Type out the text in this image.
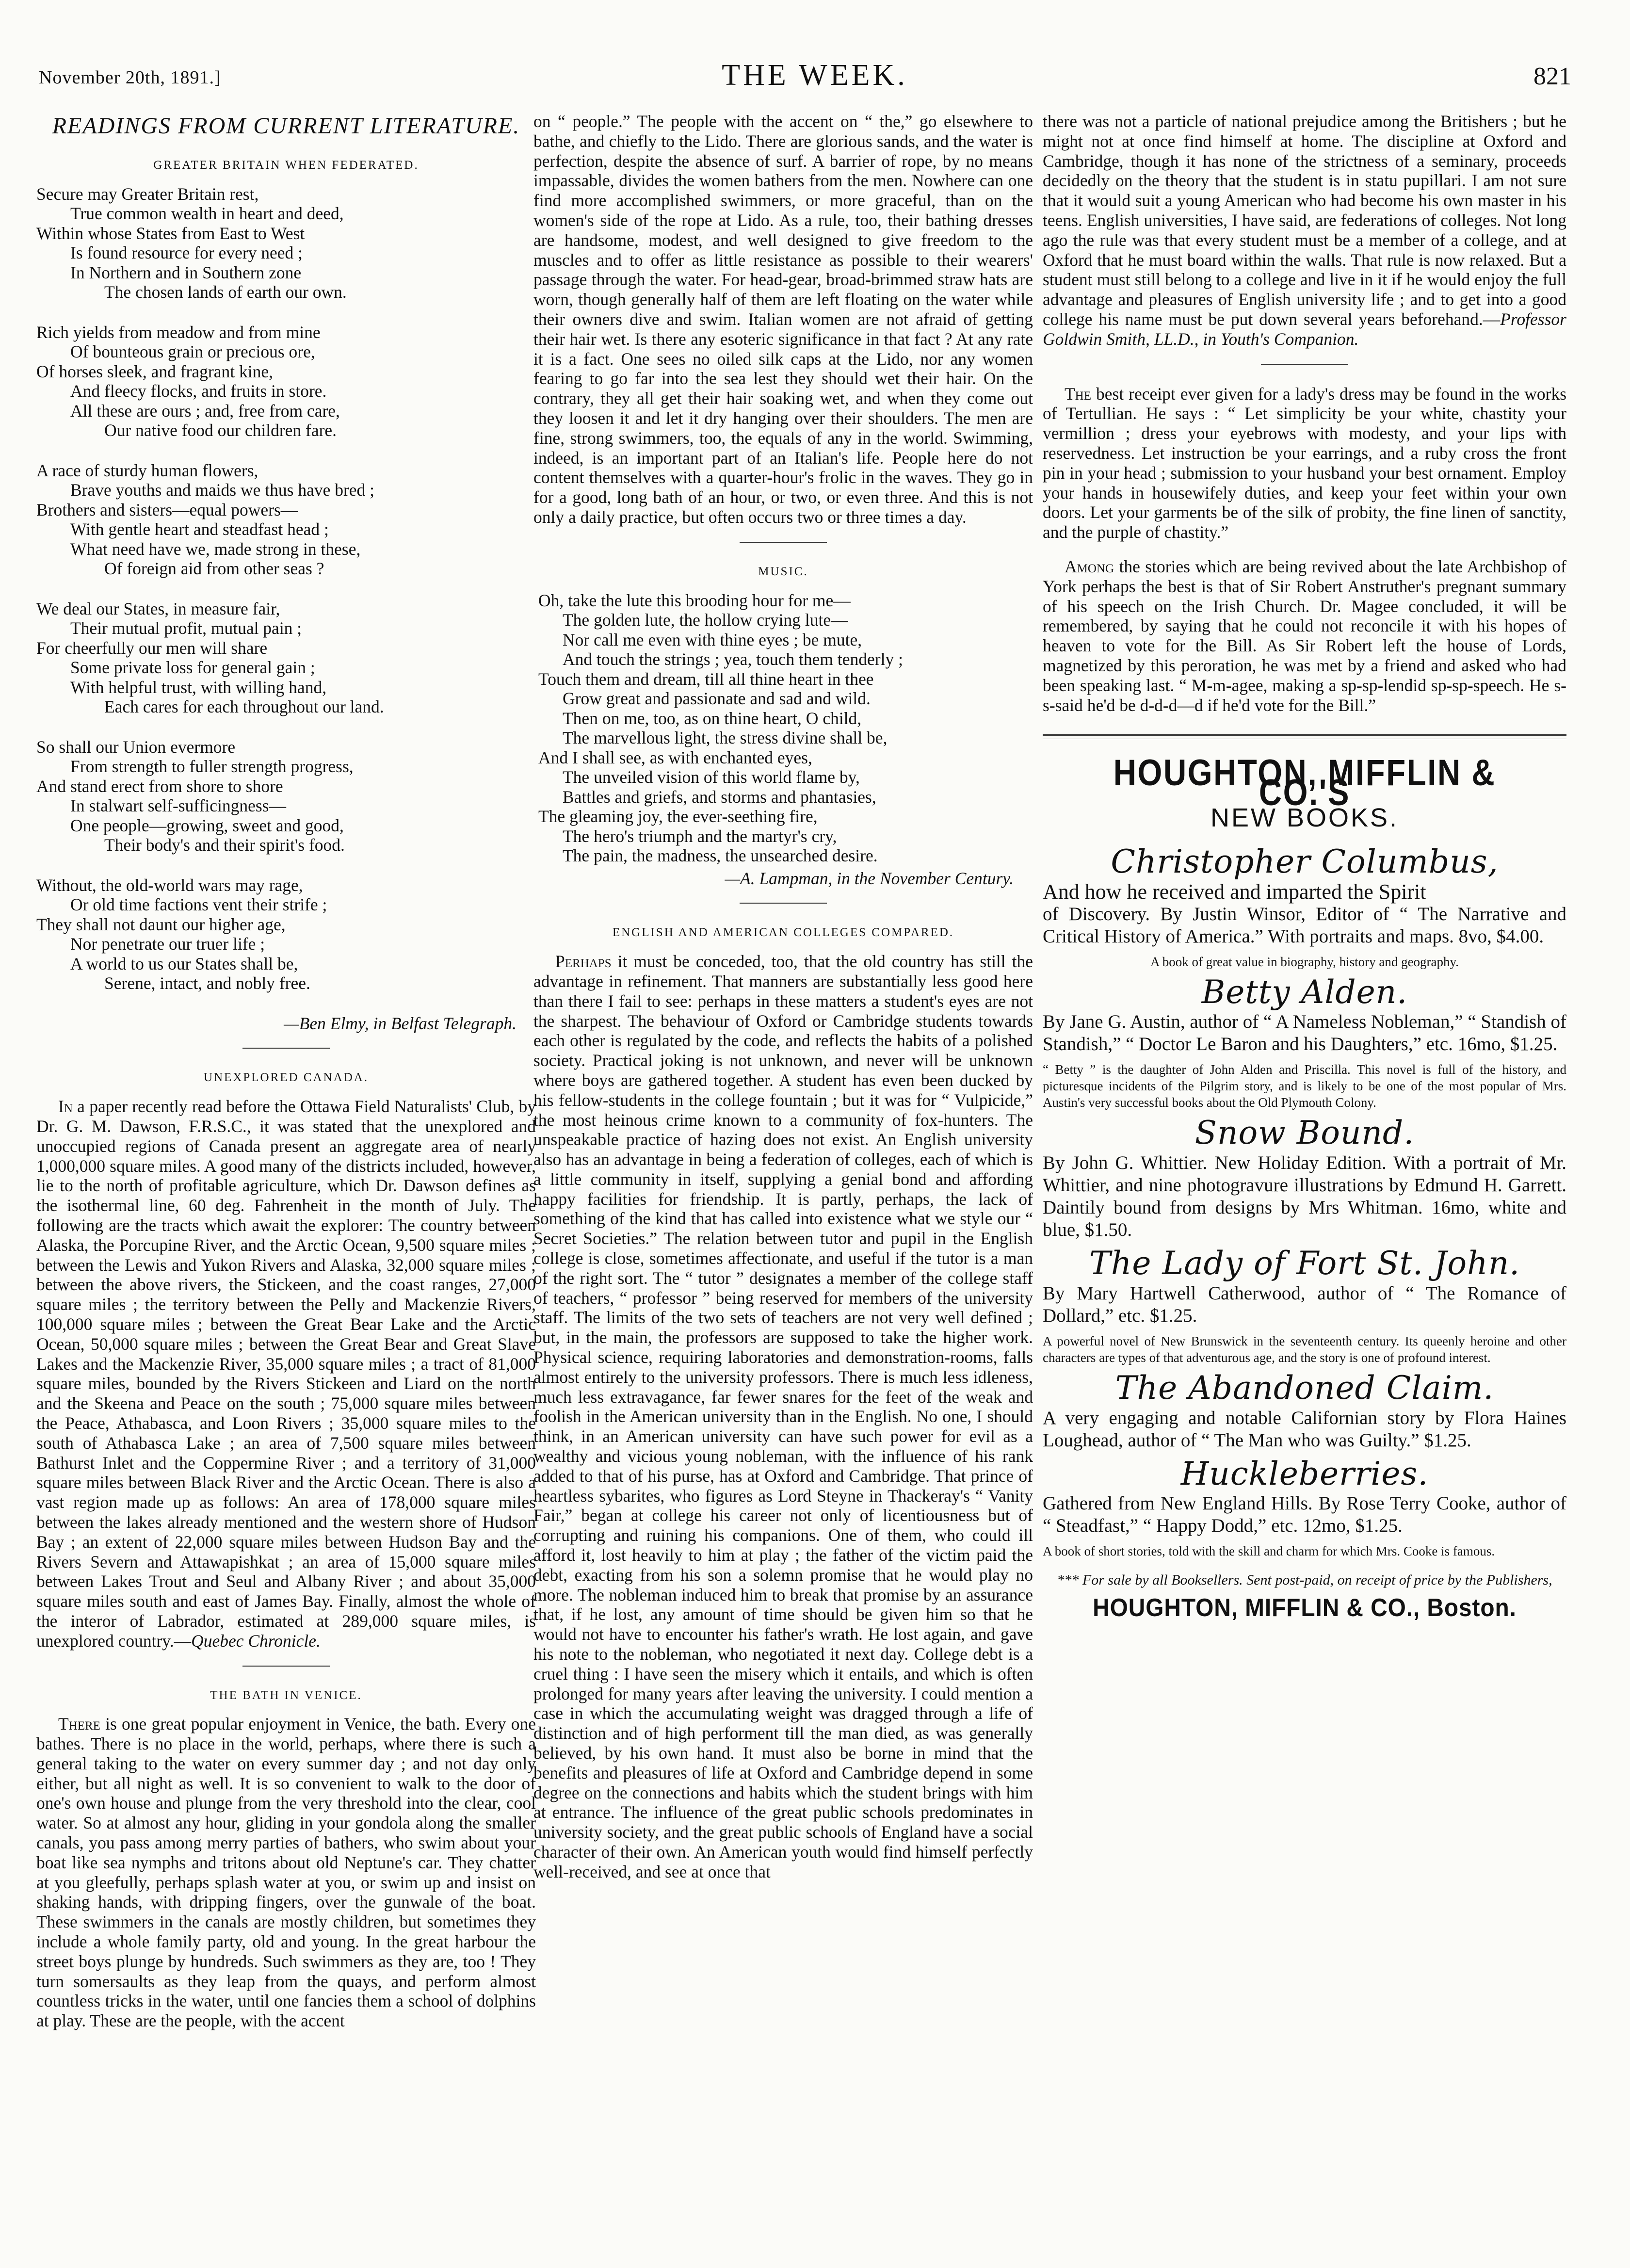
November 20th, 1891.]	THE WEEK.	821
READINGS FROM CURRENT LITERATURE.
GREATER BRITAIN WHEN FEDERATED.
Secure may Greater Britain rest,
True common wealth in heart and deed,
Within whose States from East to West
Is found resource for every need ;
In Northern and in Southern zone
The chosen lands of earth our own.
Rich yields from meadow and from mine
Of bounteous grain or precious ore,
Of horses sleek, and fragrant kine,
And fleecy flocks, and fruits in store.
All these are ours ; and, free from care,
Our native food our children fare.
A race of sturdy human flowers,
Brave youths and maids we thus have bred ;
Brothers and sisters—equal powers—
With gentle heart and steadfast head ;
What need have we, made strong in these,
Of foreign aid from other seas ?
We deal our States, in measure fair,
Their mutual profit, mutual pain ;
For cheerfully our men will share
Some private loss for general gain ;
With helpful trust, with willing hand,
Each cares for each throughout our land.
So shall our Union evermore
From strength to fuller strength progress,
And stand erect from shore to shore
In stalwart self-sufficingness—
One people—growing, sweet and good,
Their body's and their spirit's food.
Without, the old-world wars may rage,
Or old time factions vent their strife ;
They shall not daunt our higher age,
Nor penetrate our truer life ;
A world to us our States shall be,
Serene, intact, and nobly free.
—Ben Elmy, in Belfast Telegraph.
UNEXPLORED CANADA.

In a paper recently read before the Ottawa Field Naturalists' Club, by Dr. G. M. Dawson, F.R.S.C., it was stated that the unexplored and unoccupied regions of Canada present an aggregate area of nearly 1,000,000 square miles. A good many of the districts included, however, lie to the north of profitable agriculture, which Dr. Dawson defines as the isothermal line, 60 deg. Fahrenheit in the month of July. The following are the tracts which await the explorer: The country between Alaska, the Porcupine River, and the Arctic Ocean, 9,500 square miles ; between the Lewis and Yukon Rivers and Alaska, 32,000 square miles ; between the above rivers, the Stickeen, and the coast ranges, 27,000 square miles ; the territory between the Pelly and Mackenzie Rivers, 100,000 square miles ; between the Great Bear Lake and the Arctic Ocean, 50,000 square miles ; between the Great Bear and Great Slave Lakes and the Mackenzie River, 35,000 square miles ; a tract of 81,000 square miles, bounded by the Rivers Stickeen and Liard on the north and the Skeena and Peace on the south ; 75,000 square miles between the Peace, Athabasca, and Loon Rivers ; 35,000 square miles to the south of Athabasca Lake ; an area of 7,500 square miles between Bathurst Inlet and the Coppermine River ; and a territory of 31,000 square miles between Black River and the Arctic Ocean. There is also a vast region made up as follows: An area of 178,000 square miles between the lakes already mentioned and the western shore of Hudson Bay ; an extent of 22,000 square miles between Hudson Bay and the Rivers Severn and Attawapishkat ; an area of 15,000 square miles between Lakes Trout and Seul and Albany River ; and about 35,000 square miles south and east of James Bay. Finally, almost the whole of the interor of Labrador, estimated at 289,000 square miles, is unexplored country.—Quebec Chronicle.

THE BATH IN VENICE.

There is one great popular enjoyment in Venice, the bath. Every one bathes. There is no place in the world, perhaps, where there is such a general taking to the water on every summer day ; and not day only either, but all night as well. It is so convenient to walk to the door of one's own house and plunge from the very threshold into the clear, cool water. So at almost any hour, gliding in your gondola along the smaller canals, you pass among merry parties of bathers, who swim about your boat like sea nymphs and tritons about old Neptune's car. They chatter at you gleefully, perhaps splash water at you, or swim up and insist on shaking hands, with dripping fingers, over the gunwale of the boat. These swimmers in the canals are mostly children, but sometimes they include a whole family party, old and young. In the great harbour the street boys plunge by hundreds. Such swimmers as they are, too ! They turn somersaults as they leap from the quays, and perform almost countless tricks in the water, until one fancies them a school of dolphins at play. These are the people, with the accent

on “ people.” The people with the accent on “ the,” go elsewhere to bathe, and chiefly to the Lido. There are glorious sands, and the water is perfection, despite the absence of surf. A barrier of rope, by no means impassable, divides the women bathers from the men. Nowhere can one find more accomplished swimmers, or more graceful, than on the women's side of the rope at Lido. As a rule, too, their bathing dresses are handsome, modest, and well designed to give freedom to the muscles and to offer as little resistance as possible to their wearers' passage through the water. For head-gear, broad-brimmed straw hats are worn, though generally half of them are left floating on the water while their owners dive and swim. Italian women are not afraid of getting their hair wet. Is there any esoteric significance in that fact ? At any rate it is a fact. One sees no oiled silk caps at the Lido, nor any women fearing to go far into the sea lest they should wet their hair. On the contrary, they all get their hair soaking wet, and when they come out they loosen it and let it dry hanging over their shoulders. The men are fine, strong swimmers, too, the equals of any in the world. Swimming, indeed, is an important part of an Italian's life. People here do not content themselves with a quarter-hour's frolic in the waves. They go in for a good, long bath of an hour, or two, or even three. And this is not only a daily practice, but often occurs two or three times a day.

MUSIC.
Oh, take the lute this brooding hour for me—
The golden lute, the hollow crying lute—
Nor call me even with thine eyes ; be mute,
And touch the strings ; yea, touch them tenderly ;
Touch them and dream, till all thine heart in thee
Grow great and passionate and sad and wild.
Then on me, too, as on thine heart, O child,
The marvellous light, the stress divine shall be,
And I shall see, as with enchanted eyes,
The unveiled vision of this world flame by,
Battles and griefs, and storms and phantasies,
The gleaming joy, the ever-seething fire,
The hero's triumph and the martyr's cry,
The pain, the madness, the unsearched desire.
—A. Lampman, in the November Century.
ENGLISH AND AMERICAN COLLEGES COMPARED.

Perhaps it must be conceded, too, that the old country has still the advantage in refinement. That manners are substantially less good here than there I fail to see: perhaps in these matters a student's eyes are not the sharpest. The behaviour of Oxford or Cambridge students towards each other is regulated by the code, and reflects the habits of a polished society. Practical joking is not unknown, and never will be unknown where boys are gathered together. A student has even been ducked by his fellow-students in the college fountain ; but it was for “ Vulpicide,” the most heinous crime known to a community of fox-hunters. The unspeakable practice of hazing does not exist. An English university also has an advantage in being a federation of colleges, each of which is a little community in itself, supplying a genial bond and affording happy facilities for friendship. It is partly, perhaps, the lack of something of the kind that has called into existence what we style our “ Secret Societies.” The relation between tutor and pupil in the English college is close, sometimes affectionate, and useful if the tutor is a man of the right sort. The “ tutor ” designates a member of the college staff of teachers, “ professor ” being reserved for members of the university staff. The limits of the two sets of teachers are not very well defined ; but, in the main, the professors are supposed to take the higher work. Physical science, requiring laboratories and demonstration-rooms, falls almost entirely to the university professors. There is much less idleness, much less extravagance, far fewer snares for the feet of the weak and foolish in the American university than in the English. No one, I should think, in an American university can have such power for evil as a wealthy and vicious young nobleman, with the influence of his rank added to that of his purse, has at Oxford and Cambridge. That prince of heartless sybarites, who figures as Lord Steyne in Thackeray's “ Vanity Fair,” began at college his career not only of licentiousness but of corrupting and ruining his companions. One of them, who could ill afford it, lost heavily to him at play ; the father of the victim paid the debt, exacting from his son a solemn promise that he would play no more. The nobleman induced him to break that promise by an assurance that, if he lost, any amount of time should be given him so that he would not have to encounter his father's wrath. He lost again, and gave his note to the nobleman, who negotiated it next day. College debt is a cruel thing : I have seen the misery which it entails, and which is often prolonged for many years after leaving the university. I could mention a case in which the accumulating weight was dragged through a life of distinction and of high performent till the man died, as was generally believed, by his own hand. It must also be borne in mind that the benefits and pleasures of life at Oxford and Cambridge depend in some degree on the connections and habits which the student brings with him at entrance. The influence of the great public schools predominates in university society, and the great public schools of England have a social character of their own. An American youth would find himself perfectly well-received, and see at once that

there was not a particle of national prejudice among the Britishers ; but he might not at once find himself at home. The discipline at Oxford and Cambridge, though it has none of the strictness of a seminary, proceeds decidedly on the theory that the student is in statu pupillari. I am not sure that it would suit a young American who had become his own master in his teens. English universities, I have said, are federations of colleges. Not long ago the rule was that every student must be a member of a college, and at Oxford that he must board within the walls. That rule is now relaxed. But a student must still belong to a college and live in it if he would enjoy the full advantage and pleasures of English university life ; and to get into a good college his name must be put down several years beforehand.—Professor Goldwin Smith, LL.D., in Youth's Companion.

The best receipt ever given for a lady's dress may be found in the works of Tertullian. He says : “ Let simplicity be your white, chastity your vermillion ; dress your eyebrows with modesty, and your lips with reservedness. Let instruction be your earrings, and a ruby cross the front pin in your head ; submission to your husband your best ornament. Employ your hands in housewifely duties, and keep your feet within your own doors. Let your garments be of the silk of probity, the fine linen of sanctity, and the purple of chastity.”

Among the stories which are being revived about the late Archbishop of York perhaps the best is that of Sir Robert Anstruther's pregnant summary of his speech on the Irish Church. Dr. Magee concluded, it will be remembered, by saying that he could not reconcile it with his hopes of heaven to vote for the Bill. As Sir Robert left the house of Lords, magnetized by this peroration, he was met by a friend and asked who had been speaking last. “ M-m-agee, making a sp-sp-lendid sp-sp-speech. He s-s-said he'd be d-d-d—d if he'd vote for the Bill.”

HOUGHTON, MIFFLIN & CO.'S
NEW BOOKS.
Christopher Columbus,

And how he received and imparted the Spirit

of Discovery. By Justin Winsor, Editor of “ The Narrative and Critical History of America.” With portraits and maps. 8vo, $4.00.

A book of great value in biography, history and geography.

Betty Alden.

By Jane G. Austin, author of “ A Nameless Nobleman,” “ Standish of Standish,” “ Doctor Le Baron and his Daughters,” etc. 16mo, $1.25.

“ Betty ” is the daughter of John Alden and Priscilla. This novel is full of the history, and picturesque incidents of the Pilgrim story, and is likely to be one of the most popular of Mrs. Austin's very successful books about the Old Plymouth Colony.

Snow Bound.

By John G. Whittier. New Holiday Edition. With a portrait of Mr. Whittier, and nine photogravure illustrations by Edmund H. Garrett. Daintily bound from designs by Mrs Whitman. 16mo, white and blue, $1.50.

The Lady of Fort St. John.

By Mary Hartwell Catherwood, author of “ The Romance of Dollard,” etc. $1.25.

A powerful novel of New Brunswick in the seventeenth century. Its queenly heroine and other characters are types of that adventurous age, and the story is one of profound interest.

The Abandoned Claim.

A very engaging and notable Californian story by Flora Haines Loughead, author of “ The Man who was Guilty.” $1.25.

Huckleberries.

Gathered from New England Hills. By Rose Terry Cooke, author of “ Steadfast,” “ Happy Dodd,” etc. 12mo, $1.25.

A book of short stories, told with the skill and charm for which Mrs. Cooke is famous.

*** For sale by all Booksellers. Sent post-paid, on receipt of price by the Publishers,
HOUGHTON, MIFFLIN & CO., Boston.
